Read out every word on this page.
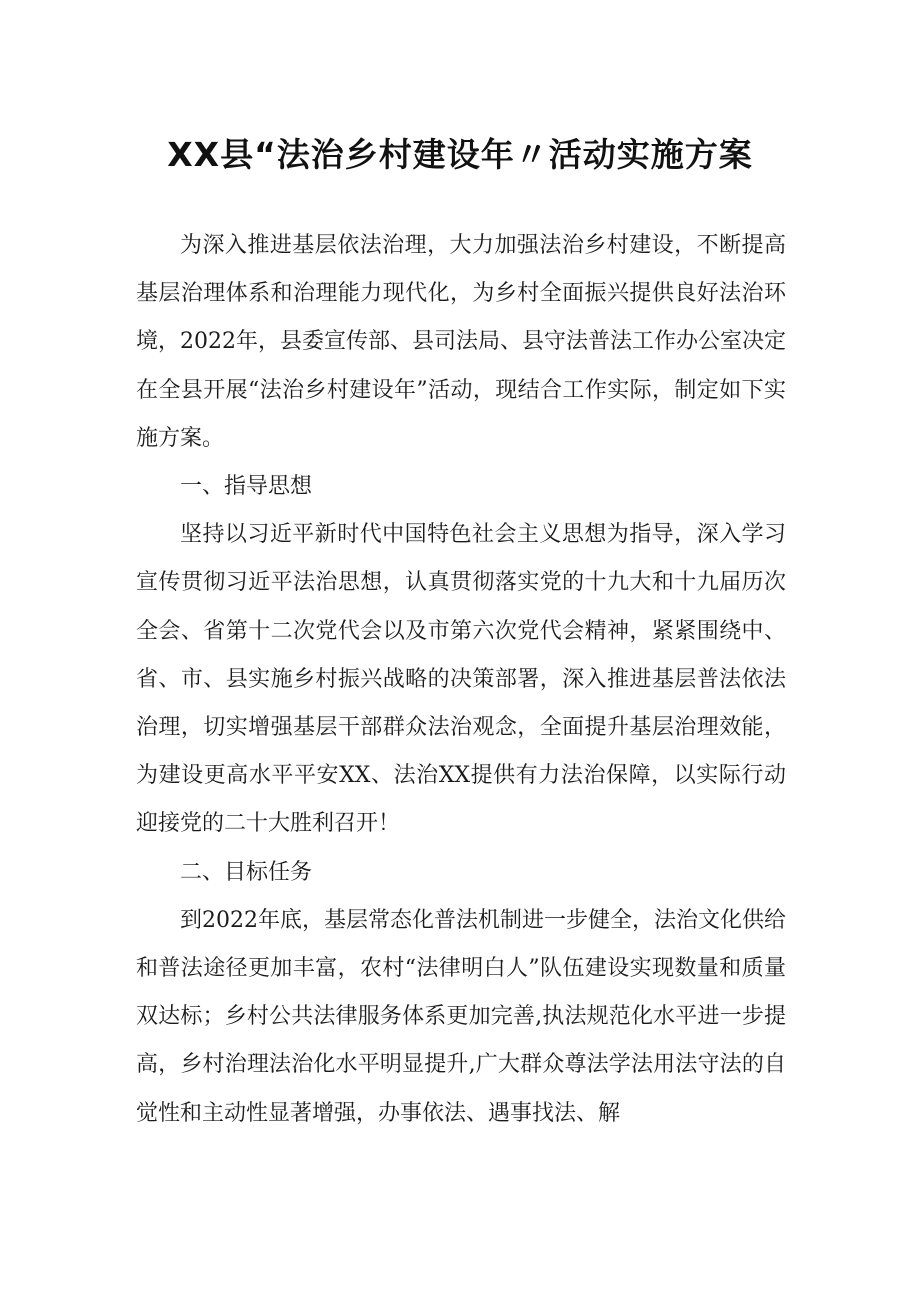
XX县“法治乡村建设年〃活动实施方案

为深入推进基层依法治理，大力加强法治乡村建设，不断提高基层治理体系和治理能力现代化，为乡村全面振兴提供良好法治环境，2022年，县委宣传部、县司法局、县守法普法工作办公室决定在全县开展“法治乡村建设年”活动，现结合工作实际，制定如下实施方案。

一、指导思想

坚持以习近平新时代中国特色社会主义思想为指导，深入学习宣传贯彻习近平法治思想，认真贯彻落实党的十九大和十九届历次全会、省第十二次党代会以及市第六次党代会精神，紧紧围绕中、省、市、县实施乡村振兴战略的决策部署，深入推进基层普法依法治理，切实增强基层干部群众法治观念，全面提升基层治理效能，为建设更高水平平安XX、法治XX提供有力法治保障，以实际行动迎接党的二十大胜利召开！

二、目标任务

到2022年底，基层常态化普法机制进一步健全，法治文化供给和普法途径更加丰富，农村“法律明白人”队伍建设实现数量和质量双达标；乡村公共法律服务体系更加完善,执法规范化水平进一步提高，乡村治理法治化水平明显提升,广大群众尊法学法用法守法的自觉性和主动性显著增强，办事依法、遇事找法、解
